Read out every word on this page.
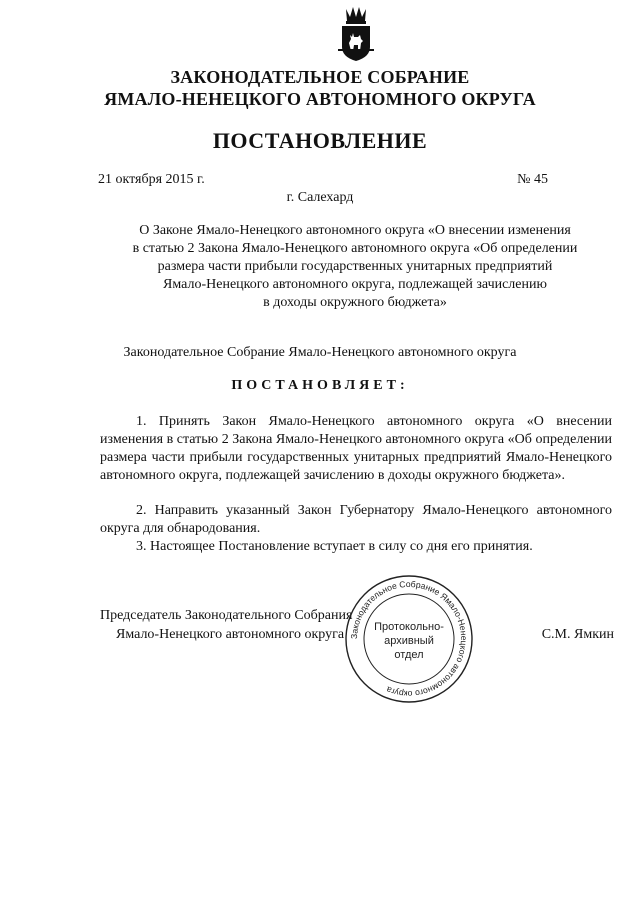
ЗАКОНОДАТЕЛЬНОЕ СОБРАНИЕ
ЯМАЛО-НЕНЕЦКОГО АВТОНОМНОГО ОКРУГА
ПОСТАНОВЛЕНИЕ
21 октября 2015 г.	№ 45
г. Салехард
О Законе Ямало-Ненецкого автономного округа «О внесении изменения
в статью 2 Закона Ямало-Ненецкого автономного округа «Об определении
размера части прибыли государственных унитарных предприятий
Ямало-Ненецкого автономного округа, подлежащей зачислению
в доходы окружного бюджета»
Законодательное Собрание Ямало-Ненецкого автономного округа
ПОСТАНОВЛЯЕТ:
1. Принять Закон Ямало-Ненецкого автономного округа «О внесении изменения в статью 2 Закона Ямало-Ненецкого автономного округа «Об определении размера части прибыли государственных унитарных предприятий Ямало-Ненецкого автономного округа, подлежащей зачислению в доходы окружного бюджета».
2. Направить указанный Закон Губернатору Ямало-Ненецкого автономного округа для обнародования.
3. Настоящее Постановление вступает в силу со дня его принятия.
Председатель Законодательного Собрания
Ямало-Ненецкого автономного округа	С.М. Ямкин
Законодательное Собрание Ямало-Ненецкого автономного округа
Протокольно-
архивный
отдел
